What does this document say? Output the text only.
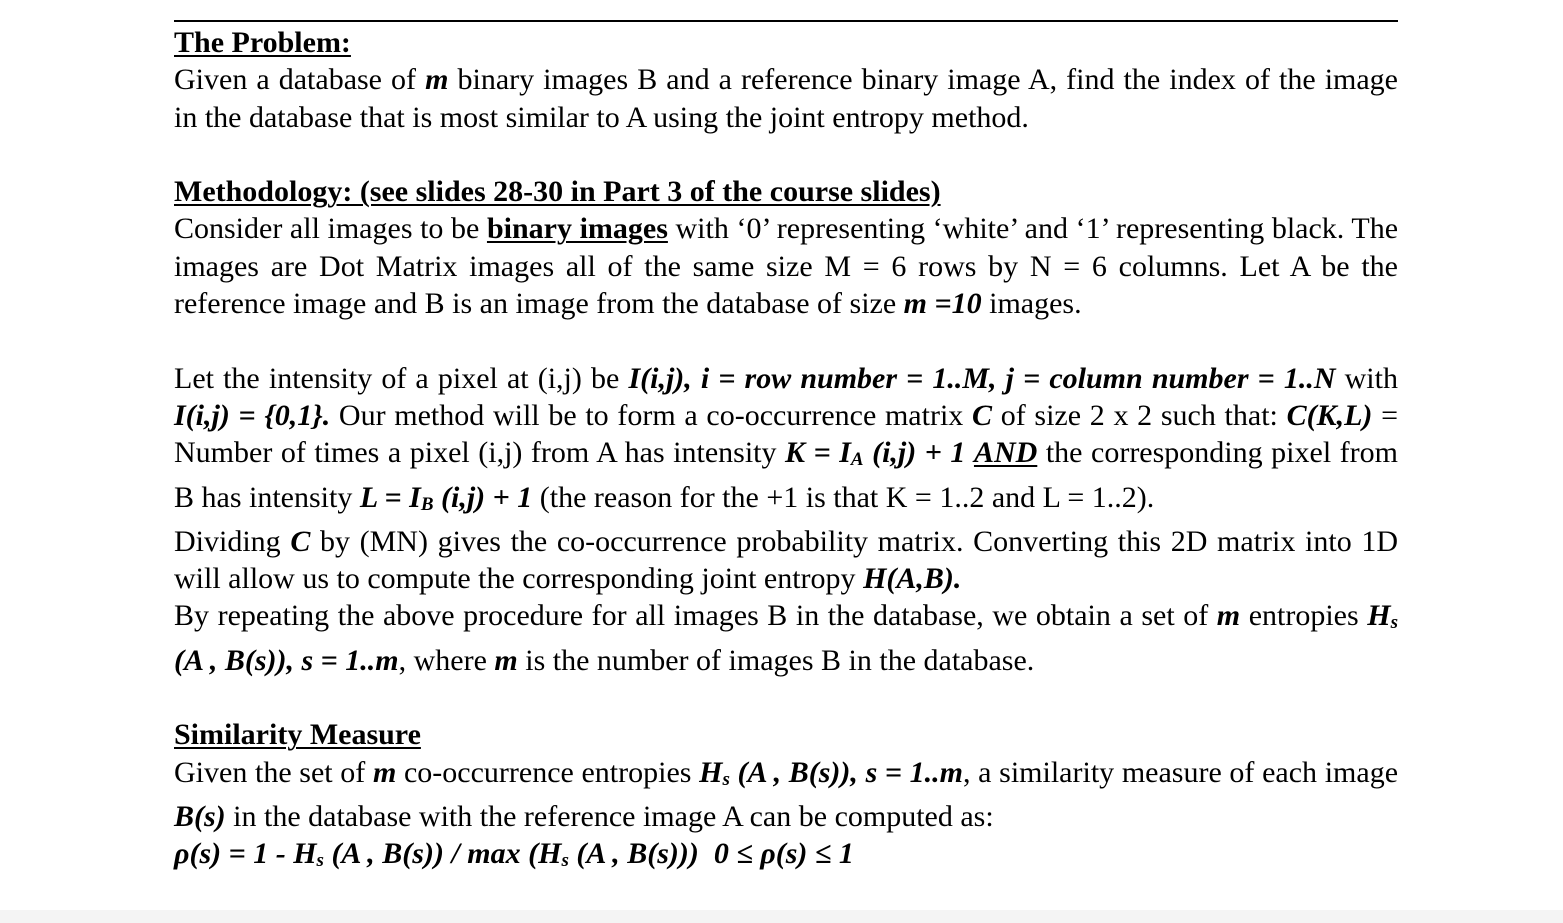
The Problem:

Given a database of m binary images B and a reference binary image A, find the index of the image in the database that is most similar to A using the joint entropy method.

Methodology: (see slides 28-30 in Part 3 of the course slides)

Consider all images to be binary images with ‘0’ representing ‘white’ and ‘1’ representing black. The images are Dot Matrix images all of the same size M = 6 rows by N = 6 columns. Let A be the reference image and B is an image from the database of size m =10 images.

Let the intensity of a pixel at (i,j) be I(i,j), i = row number = 1..M, j = column number = 1..N with I(i,j) = {0,1}. Our method will be to form a co-occurrence matrix C of size 2 x 2 such that: C(K,L) = Number of times a pixel (i,j) from A has intensity K = IA (i,j) + 1 AND the corresponding pixel from B has intensity L = IB (i,j) + 1 (the reason for the +1 is that K = 1..2 and L = 1..2).

Dividing C by (MN) gives the co-occurrence probability matrix. Converting this 2D matrix into 1D will allow us to compute the corresponding joint entropy H(A,B).

By repeating the above procedure for all images B in the database, we obtain a set of m entropies Hs (A , B(s)), s = 1..m, where m is the number of images B in the database.

Similarity Measure

Given the set of m co-occurrence entropies Hs (A , B(s)), s = 1..m, a similarity measure of each image B(s) in the database with the reference image A can be computed as:

ρ(s) = 1 - Hs (A , B(s)) / max (Hs (A , B(s)))  0 ≤ ρ(s) ≤ 1
